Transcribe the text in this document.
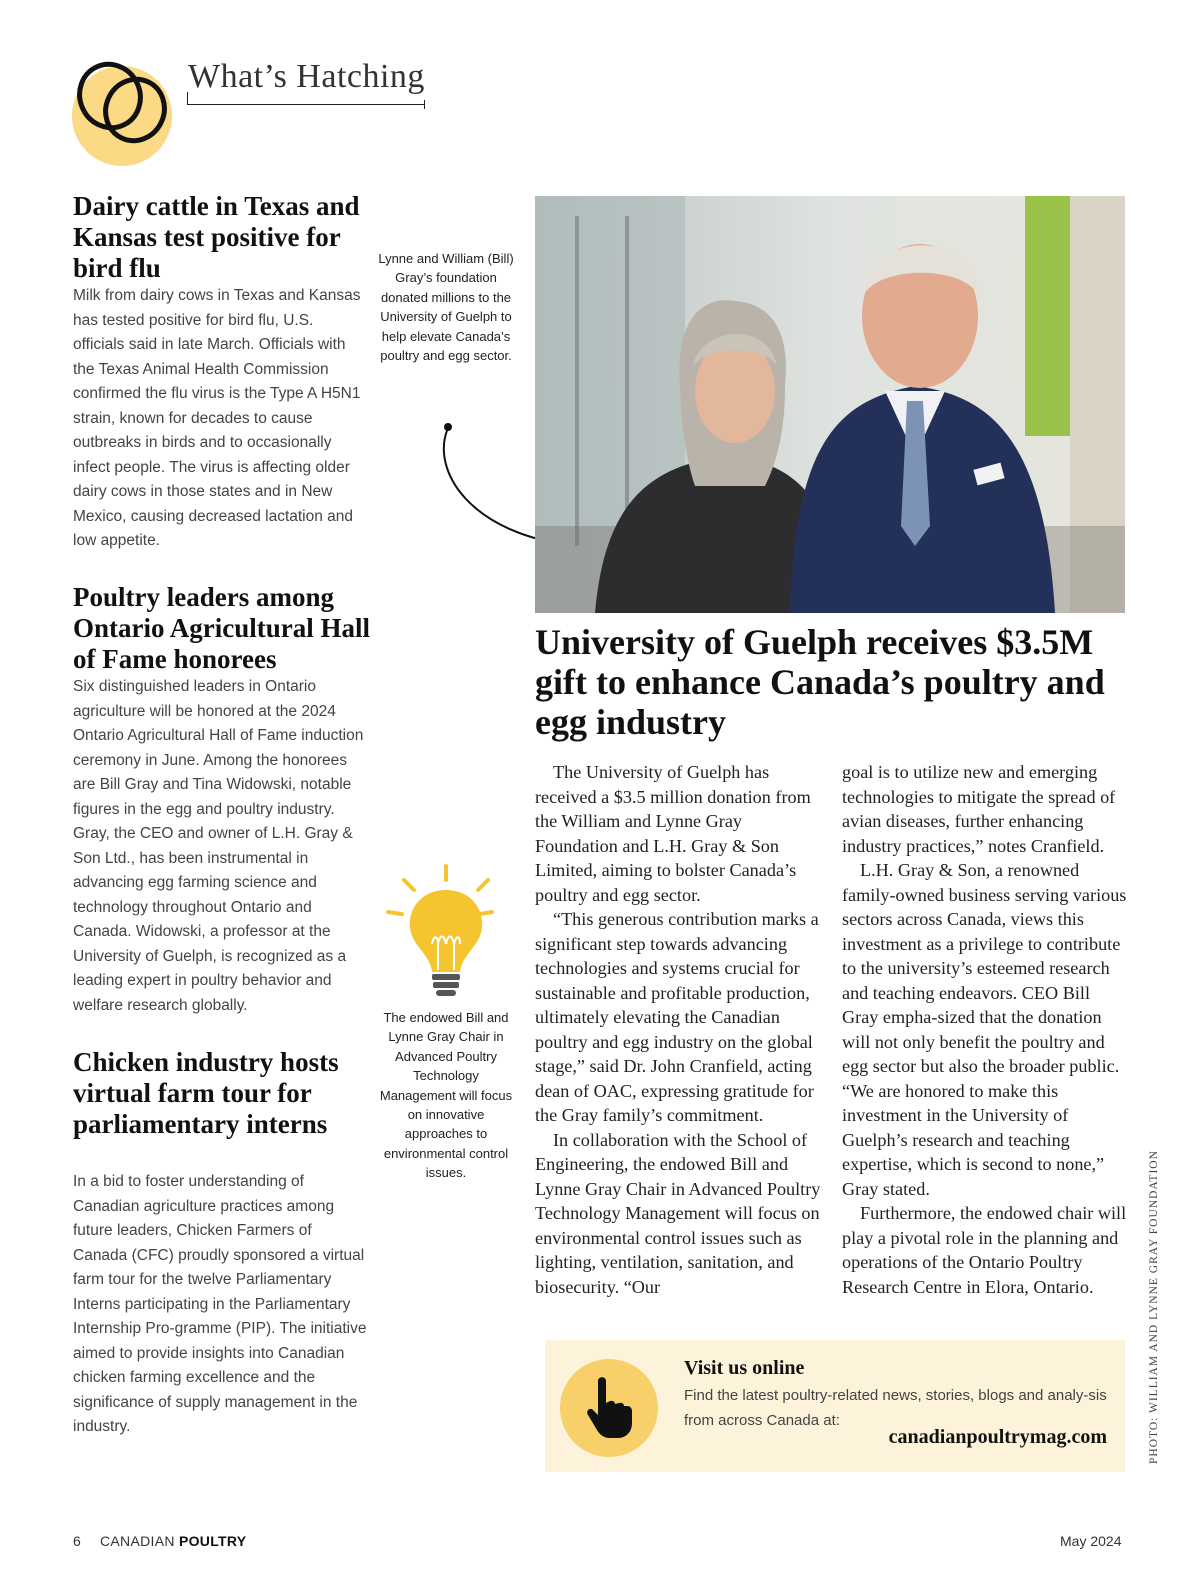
What’s Hatching
Dairy cattle in Texas and Kansas test positive for bird flu

Milk from dairy cows in Texas and Kansas has tested positive for bird flu, U.S. officials said in late March. Officials with the Texas Animal Health Commission confirmed the flu virus is the Type A H5N1 strain, known for decades to cause outbreaks in birds and to occasionally infect people. The virus is affecting older dairy cows in those states and in New Mexico, causing decreased lactation and low appetite.

Poultry leaders among Ontario Agricultural Hall of Fame honorees

Six distinguished leaders in Ontario agriculture will be honored at the 2024 Ontario Agricultural Hall of Fame induction ceremony in June. Among the honorees are Bill Gray and Tina Widowski, notable figures in the egg and poultry industry. Gray, the CEO and owner of L.H. Gray & Son Ltd., has been instrumental in advancing egg farming science and technology throughout Ontario and Canada. Widowski, a professor at the University of Guelph, is recognized as a leading expert in poultry behavior and welfare research globally.

Chicken industry hosts virtual farm tour for parliamentary interns

In a bid to foster understanding of Canadian agriculture practices among future leaders, Chicken Farmers of Canada (CFC) proudly sponsored a virtual farm tour for the twelve Parliamentary Interns participating in the Parliamentary Internship Pro-gramme (PIP). The initiative aimed to provide insights into Canadian chicken farming excellence and the significance of supply management in the industry.

Lynne and William (Bill) Gray’s foundation donated millions to the University of Guelph to help elevate Canada’s poultry and egg sector.

The endowed Bill and Lynne Gray Chair in Advanced Poultry Technology Management will focus on innovative approaches to environmental control issues.

University of Guelph receives $3.5M gift to enhance Canada’s poultry and egg industry

The University of Guelph has received a $3.5 million donation from the William and Lynne Gray Foundation and L.H. Gray & Son Limited, aiming to bolster Canada’s poultry and egg sector.

“This generous contribution marks a significant step towards advancing technologies and systems crucial for sustainable and profitable production, ultimately elevating the Canadian poultry and egg industry on the global stage,” said Dr. John Cranfield, acting dean of OAC, expressing gratitude for the Gray family’s commitment.

In collaboration with the School of Engineering, the endowed Bill and Lynne Gray Chair in Advanced Poultry Technology Management will focus on environmental control issues such as lighting, ventilation, sanitation, and biosecurity. “Our

goal is to utilize new and emerging technologies to mitigate the spread of avian diseases, further enhancing industry practices,” notes Cranfield.

L.H. Gray & Son, a renowned family-owned business serving various sectors across Canada, views this investment as a privilege to contribute to the university’s esteemed research and teaching endeavors. CEO Bill Gray empha-sized that the donation will not only benefit the poultry and egg sector but also the broader public. “We are honored to make this investment in the University of Guelph’s research and teaching expertise, which is second to none,” Gray stated.

Furthermore, the endowed chair will play a pivotal role in the planning and operations of the Ontario Poultry Research Centre in Elora, Ontario.

Visit us online

Find the latest poultry-related news, stories, blogs and analy-sis from across Canada at:

canadianpoultrymag.com	PHOTO: WILLIAM AND LYNNE GRAY FOUNDATION
6 CANADIAN POULTRY	May 2024
